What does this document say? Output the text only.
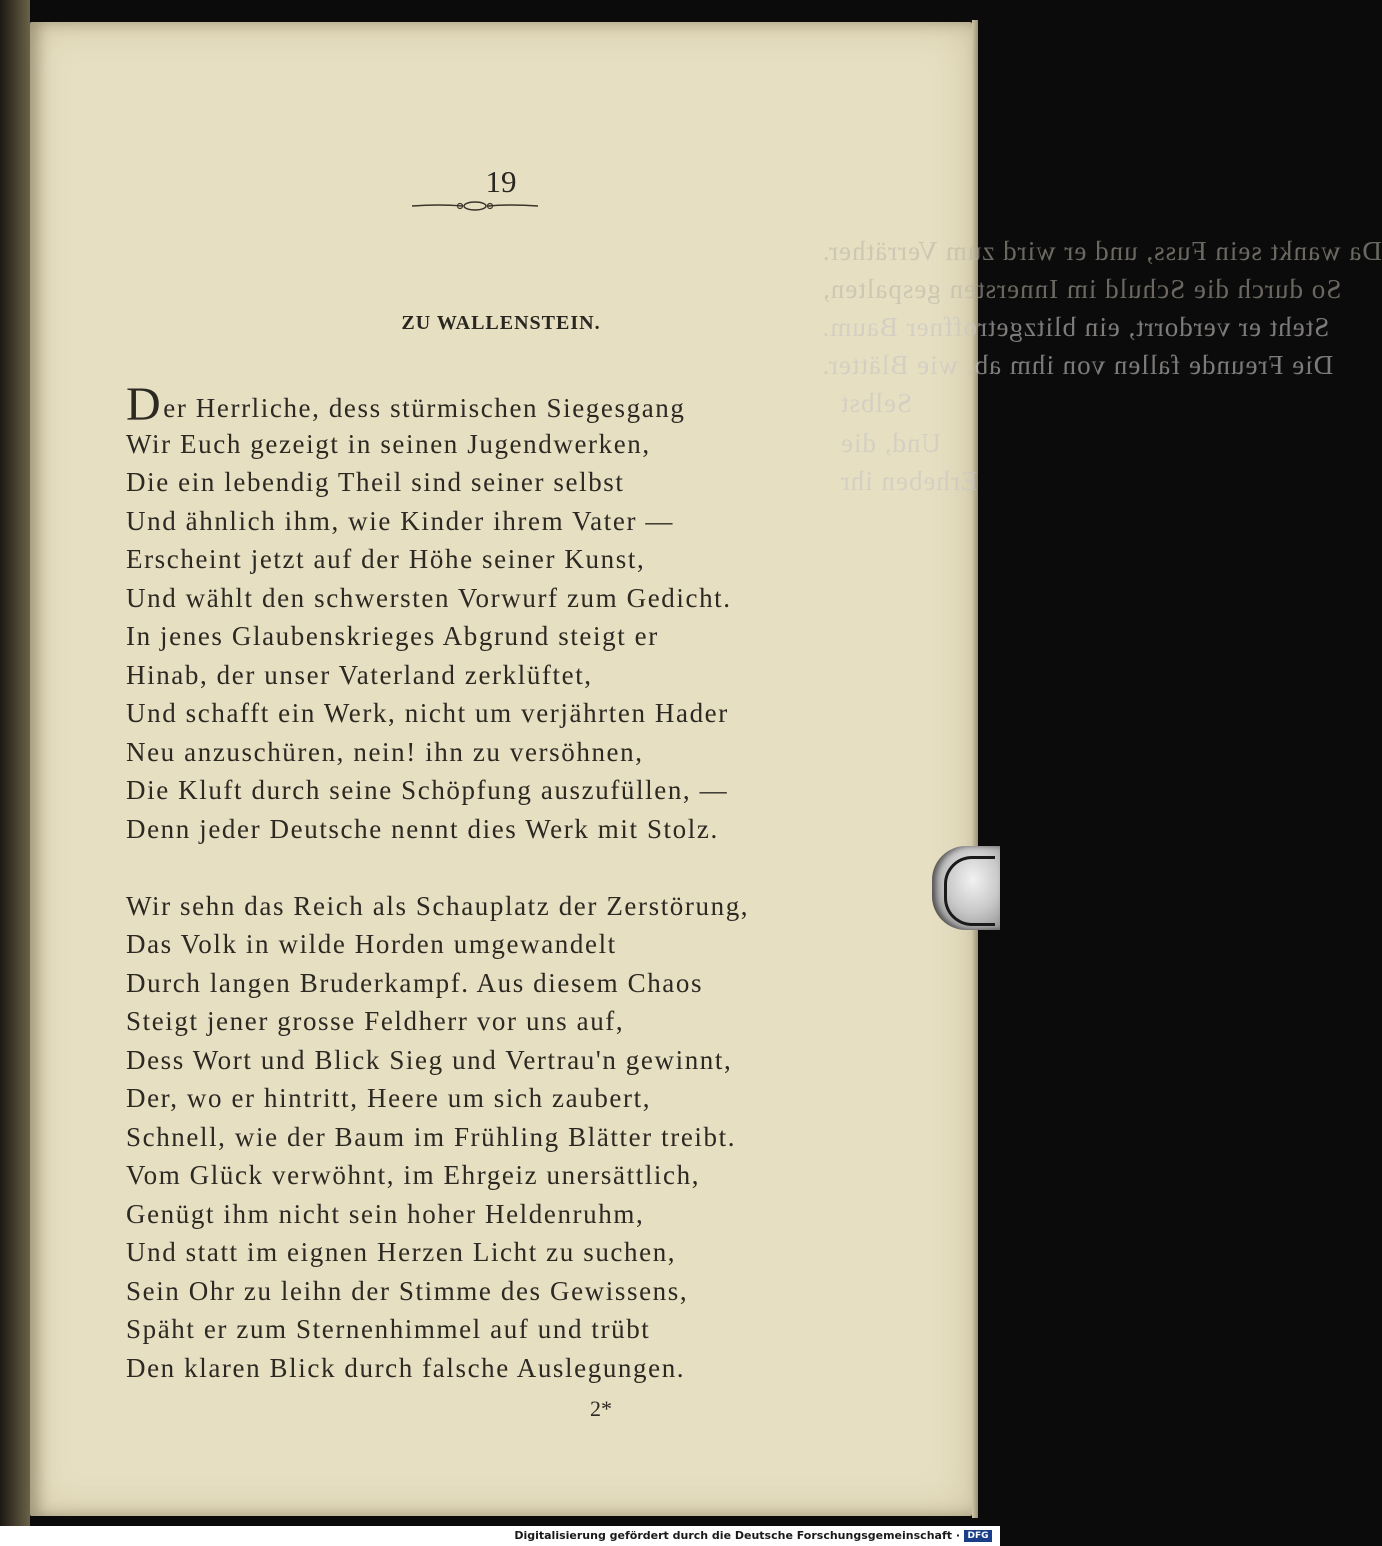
Da wankt sein Fuss, und er wird zum Verräther.
So durch die Schuld im Innersten gespalten,
Steht er verdorrt, ein blitzgetroffner Baum.
Die Freunde fallen von ihm ab, wie Blätter.
Selbst
Und, die
Erheben ihr
19
ZU WALLENSTEIN.
Der Herrliche, dess stürmischen Siegesgang
Wir Euch gezeigt in seinen Jugendwerken,
Die ein lebendig Theil sind seiner selbst
Und ähnlich ihm, wie Kinder ihrem Vater —
Erscheint jetzt auf der Höhe seiner Kunst,
Und wählt den schwersten Vorwurf zum Gedicht.
In jenes Glaubenskrieges Abgrund steigt er
Hinab, der unser Vaterland zerklüftet,
Und schafft ein Werk, nicht um verjährten Hader
Neu anzuschüren, nein! ihn zu versöhnen,
Die Kluft durch seine Schöpfung auszufüllen, —
Denn jeder Deutsche nennt dies Werk mit Stolz.
Wir sehn das Reich als Schauplatz der Zerstörung,
Das Volk in wilde Horden umgewandelt
Durch langen Bruderkampf. Aus diesem Chaos
Steigt jener grosse Feldherr vor uns auf,
Dess Wort und Blick Sieg und Vertrau'n gewinnt,
Der, wo er hintritt, Heere um sich zaubert,
Schnell, wie der Baum im Frühling Blätter treibt.
Vom Glück verwöhnt, im Ehrgeiz unersättlich,
Genügt ihm nicht sein hoher Heldenruhm,
Und statt im eignen Herzen Licht zu suchen,
Sein Ohr zu leihn der Stimme des Gewissens,
Späht er zum Sternenhimmel auf und trübt
Den klaren Blick durch falsche Auslegungen.
2*
Digitalisierung gefördert durch die Deutsche Forschungsgemeinschaft · DFG
